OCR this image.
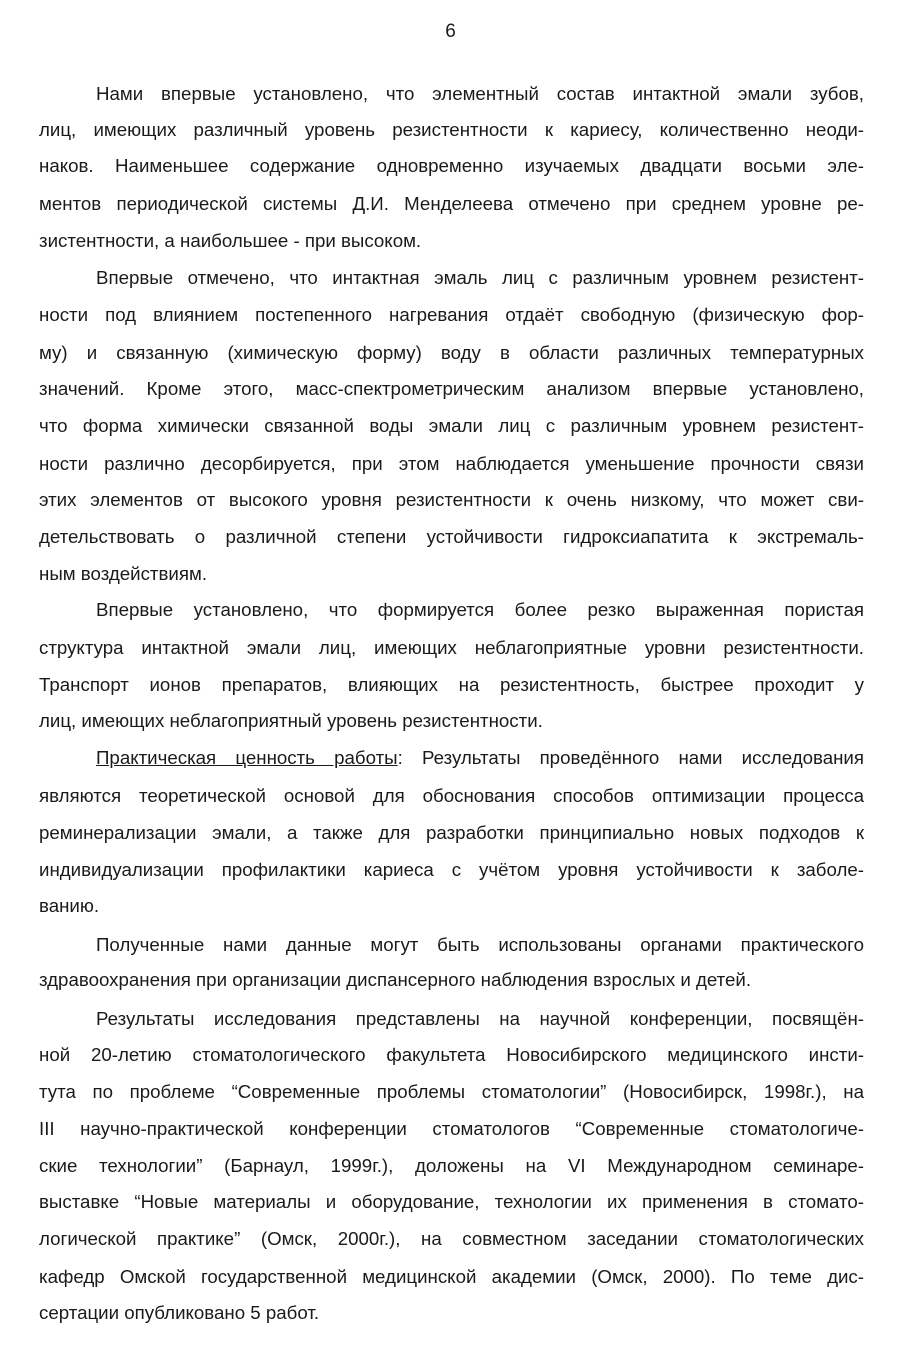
6
Нами впервые установлено, что элементный состав интактной эмали зубов,
лиц, имеющих различный уровень резистентности к кариесу, количественно неоди-
наков. Наименьшее содержание одновременно изучаемых двадцати восьми эле-
ментов периодической системы Д.И. Менделеева отмечено при среднем уровне ре-
зистентности, а наибольшее - при высоком.
Впервые отмечено, что интактная эмаль лиц с различным уровнем резистент-
ности под влиянием постепенного нагревания отдаёт свободную (физическую фор-
му) и связанную (химическую форму) воду в области различных температурных
значений. Кроме этого, масс-спектрометрическим анализом впервые установлено,
что форма химически связанной воды эмали лиц с различным уровнем резистент-
ности различно десорбируется, при этом наблюдается уменьшение прочности связи
этих элементов от высокого уровня резистентности к очень низкому, что может сви-
детельствовать о различной степени устойчивости гидроксиапатита к экстремаль-
ным воздействиям.
Впервые установлено, что формируется более резко выраженная пористая
структура интактной эмали лиц, имеющих неблагоприятные уровни резистентности.
Транспорт ионов препаратов, влияющих на резистентность, быстрее проходит у
лиц, имеющих неблагоприятный уровень резистентности.
Практическая ценность работы: Результаты проведённого нами исследования
являются теоретической основой для обоснования способов оптимизации процесса
реминерализации эмали, а также для разработки принципиально новых подходов к
индивидуализации профилактики кариеса с учётом уровня устойчивости к заболе-
ванию.
Полученные нами данные могут быть использованы органами практического
здравоохранения при организации диспансерного наблюдения взрослых и детей.
Результаты исследования представлены на научной конференции, посвящён-
ной 20-летию стоматологического факультета Новосибирского медицинского инсти-
тута по проблеме “Современные проблемы стоматологии” (Новосибирск, 1998г.), на
III научно-практической конференции стоматологов “Современные стоматологиче-
ские технологии” (Барнаул, 1999г.), доложены на VI Международном семинаре-
выставке “Новые материалы и оборудование, технологии их применения в стомато-
логической практике” (Омск, 2000г.), на совместном заседании стоматологических
кафедр Омской государственной медицинской академии (Омск, 2000). По теме дис-
сертации опубликовано 5 работ.
